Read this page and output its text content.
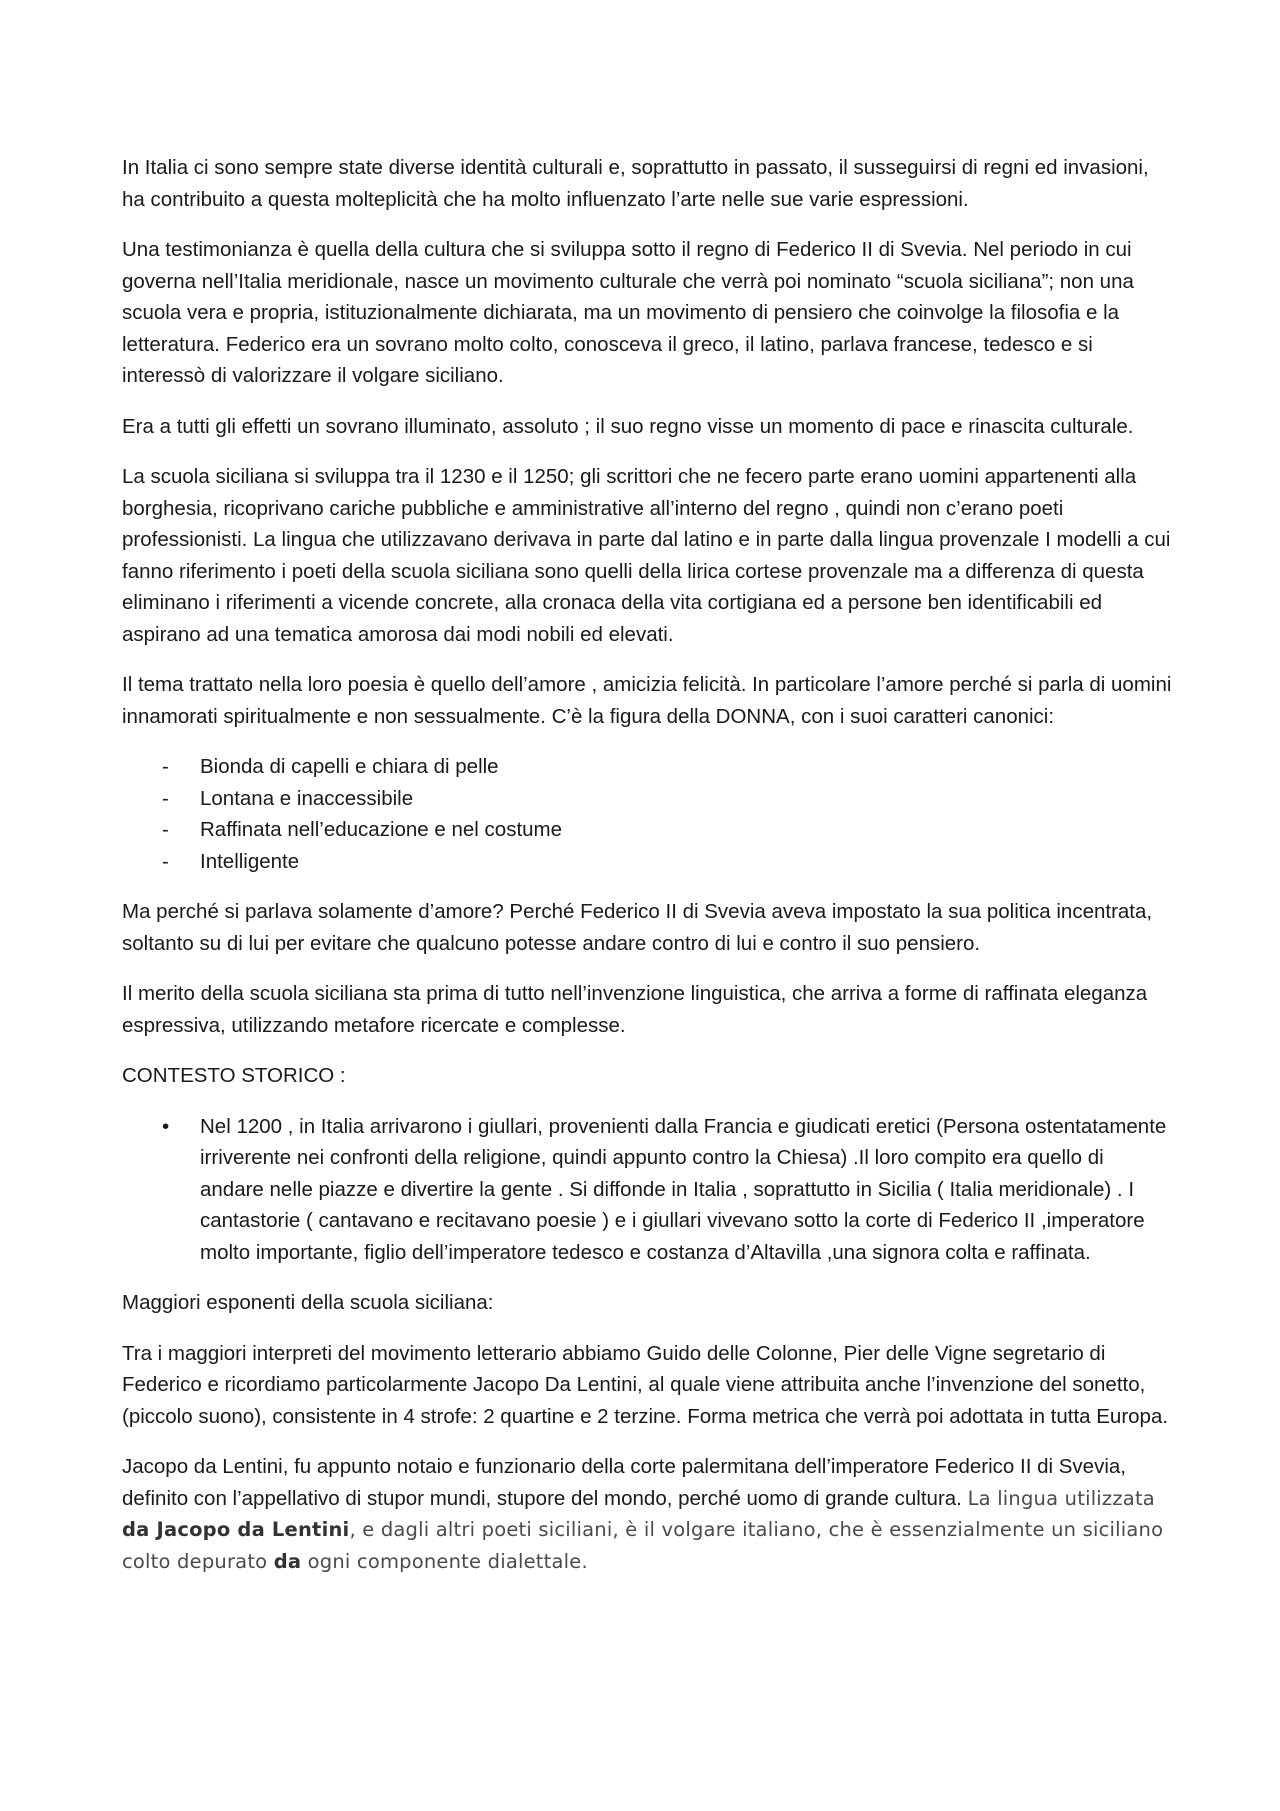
In Italia ci sono sempre state diverse identità culturali e, soprattutto in passato, il susseguirsi di regni ed invasioni, ha contribuito a questa molteplicità che ha molto influenzato l’arte nelle sue varie espressioni.

Una testimonianza è quella della cultura che si sviluppa sotto il regno di Federico II di Svevia. Nel periodo in cui governa nell’Italia meridionale, nasce un movimento culturale che verrà poi nominato “scuola siciliana”; non una scuola vera e propria, istituzionalmente dichiarata, ma un movimento di pensiero che coinvolge la filosofia e la letteratura. Federico era un sovrano molto colto, conosceva il greco, il latino, parlava francese, tedesco e si interessò di valorizzare il volgare siciliano.

Era a tutti gli effetti un sovrano illuminato, assoluto ; il suo regno visse un momento di pace e rinascita culturale.

La scuola siciliana si sviluppa tra il 1230 e il 1250; gli scrittori che ne fecero parte erano uomini appartenenti alla borghesia, ricoprivano cariche pubbliche e amministrative all’interno del regno , quindi non c’erano poeti professionisti. La lingua che utilizzavano derivava in parte dal latino e in parte dalla lingua provenzale I modelli a cui fanno riferimento i poeti della scuola siciliana sono quelli della lirica cortese provenzale ma a differenza di questa eliminano i riferimenti a vicende concrete, alla cronaca della vita cortigiana ed a persone ben identificabili ed aspirano ad una tematica amorosa dai modi nobili ed elevati.

Il tema trattato nella loro poesia è quello dell’amore , amicizia felicità. In particolare l’amore perché si parla di uomini innamorati spiritualmente e non sessualmente. C’è la figura della DONNA, con i suoi caratteri canonici:

- Bionda di capelli e chiara di pelle
- Lontana e inaccessibile
- Raffinata nell’educazione e nel costume
- Intelligente

Ma perché si parlava solamente d’amore? Perché Federico II di Svevia aveva impostato la sua politica incentrata, soltanto su di lui per evitare che qualcuno potesse andare contro di lui e contro il suo pensiero.

Il merito della scuola siciliana sta prima di tutto nell’invenzione linguistica, che arriva a forme di raffinata eleganza espressiva, utilizzando metafore ricercate e complesse.

CONTESTO STORICO :

• Nel 1200 , in Italia arrivarono i giullari, provenienti dalla Francia e giudicati eretici (Persona ostentatamente irriverente nei confronti della religione, quindi appunto contro la Chiesa) .Il loro compito era quello di andare nelle piazze e divertire la gente . Si diffonde in Italia , soprattutto in Sicilia ( Italia meridionale) . I cantastorie ( cantavano e recitavano poesie ) e i giullari vivevano sotto la corte di Federico II ,imperatore molto importante, figlio dell’imperatore tedesco e costanza d’Altavilla ,una signora colta e raffinata.

Maggiori esponenti della scuola siciliana:

Tra i maggiori interpreti del movimento letterario abbiamo Guido delle Colonne, Pier delle Vigne segretario di Federico e ricordiamo particolarmente Jacopo Da Lentini, al quale viene attribuita anche l’invenzione del sonetto,(piccolo suono), consistente in 4 strofe: 2 quartine e 2 terzine. Forma metrica che verrà poi adottata in tutta Europa.

Jacopo da Lentini, fu appunto notaio e funzionario della corte palermitana dell’imperatore Federico II di Svevia, definito con l’appellativo di stupor mundi, stupore del mondo, perché uomo di grande cultura. La lingua utilizzata da Jacopo da Lentini, e dagli altri poeti siciliani, è il volgare italiano, che è essenzialmente un siciliano colto depurato da ogni componente dialettale.
